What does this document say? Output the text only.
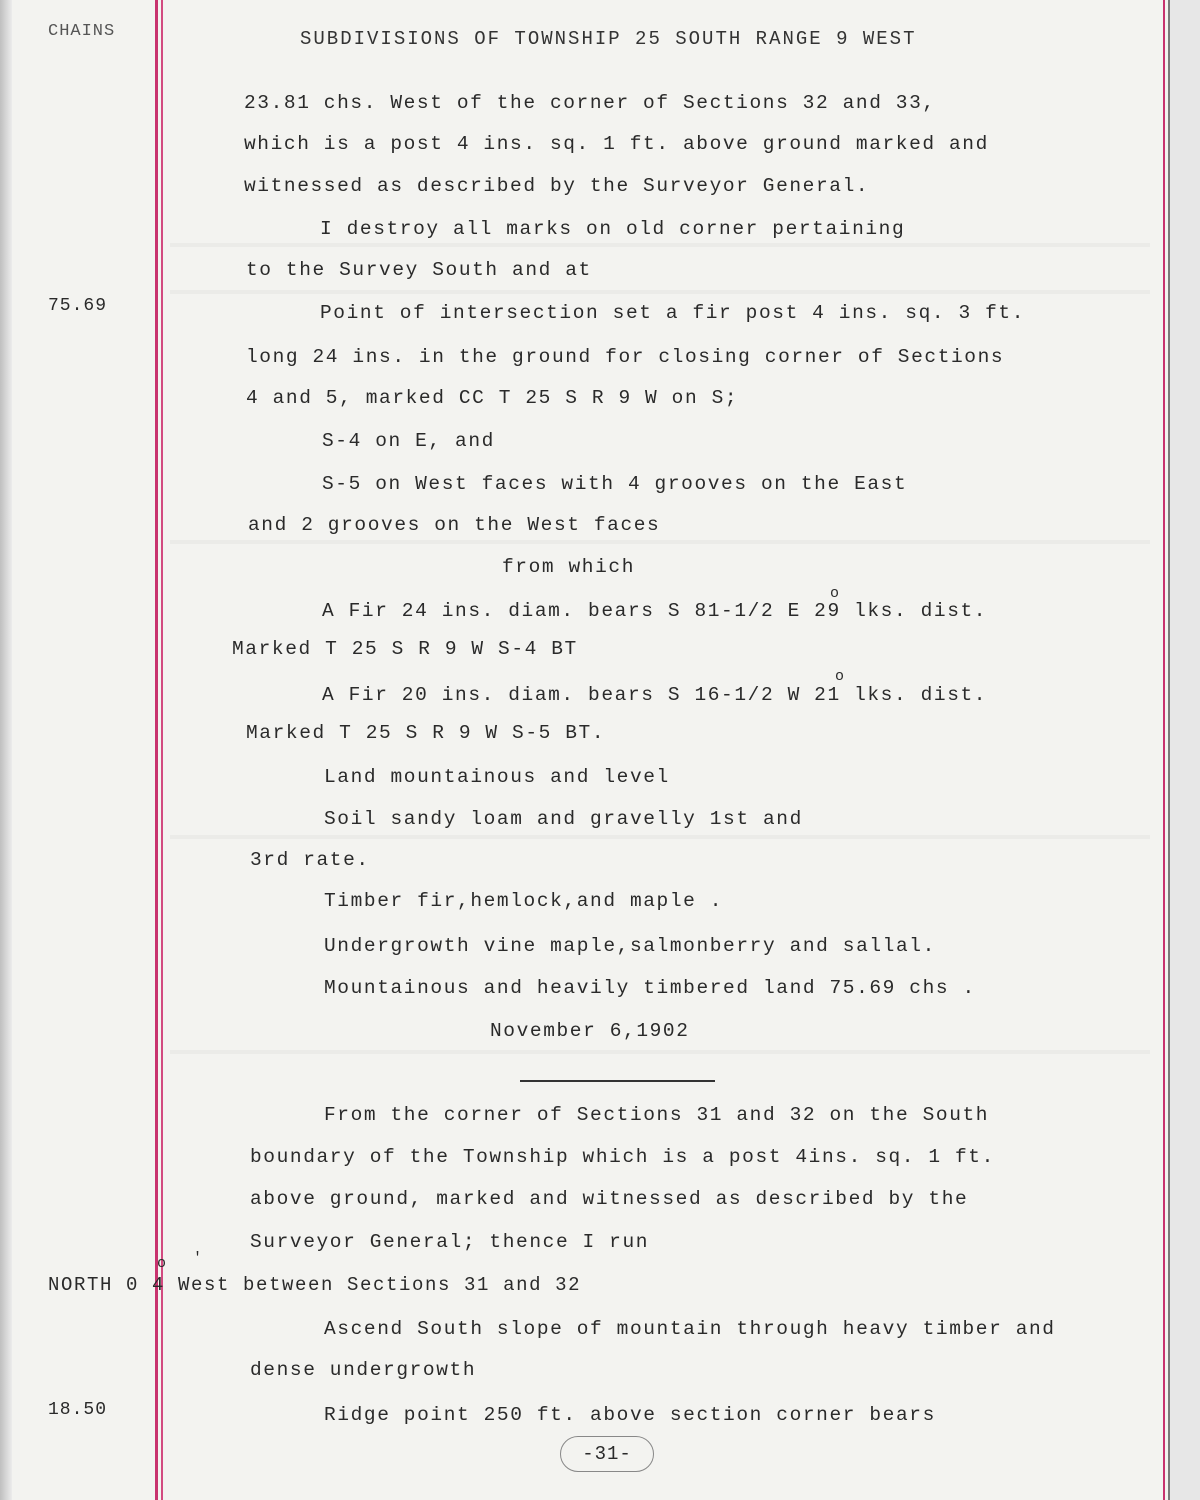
CHAINS	SUBDIVISIONS OF TOWNSHIP 25 SOUTH RANGE 9 WEST
75.69
18.50
23.81 chs. West of the corner of Sections 32 and 33,
which is a post 4 ins. sq. 1 ft. above ground marked and
witnessed as described by the Surveyor General.
I destroy all marks on old corner pertaining
to the Survey South and at
Point of intersection set a fir post 4 ins. sq. 3 ft.
long 24 ins. in the ground for closing corner of Sections
4 and 5, marked CC T 25 S R 9 W on S;
S-4 on E, and
S-5 on West faces with 4 grooves on the East
and 2 grooves on the West faces
from which
o
A Fir 24 ins. diam. bears S 81-1/2 E 29 lks. dist.
Marked T 25 S R 9 W S-4 BT
o
A Fir 20 ins. diam. bears S 16-1/2 W 21 lks. dist.
Marked T 25 S R 9 W S-5 BT.
Land mountainous and level
Soil sandy loam and gravelly 1st and
3rd rate.
Timber fir,hemlock,and maple .
Undergrowth vine maple,salmonberry and sallal.
Mountainous and heavily timbered land 75.69 chs .
November 6,1902
From the corner of Sections 31 and 32 on the South
boundary of the Township which is a post 4ins. sq. 1 ft.
above ground, marked and witnessed as described by the
Surveyor General; thence I run
o '
NORTH 0 4 West between Sections 31 and 32
Ascend South slope of mountain through heavy timber and
dense undergrowth
Ridge point 250 ft. above section corner bears
-31-
